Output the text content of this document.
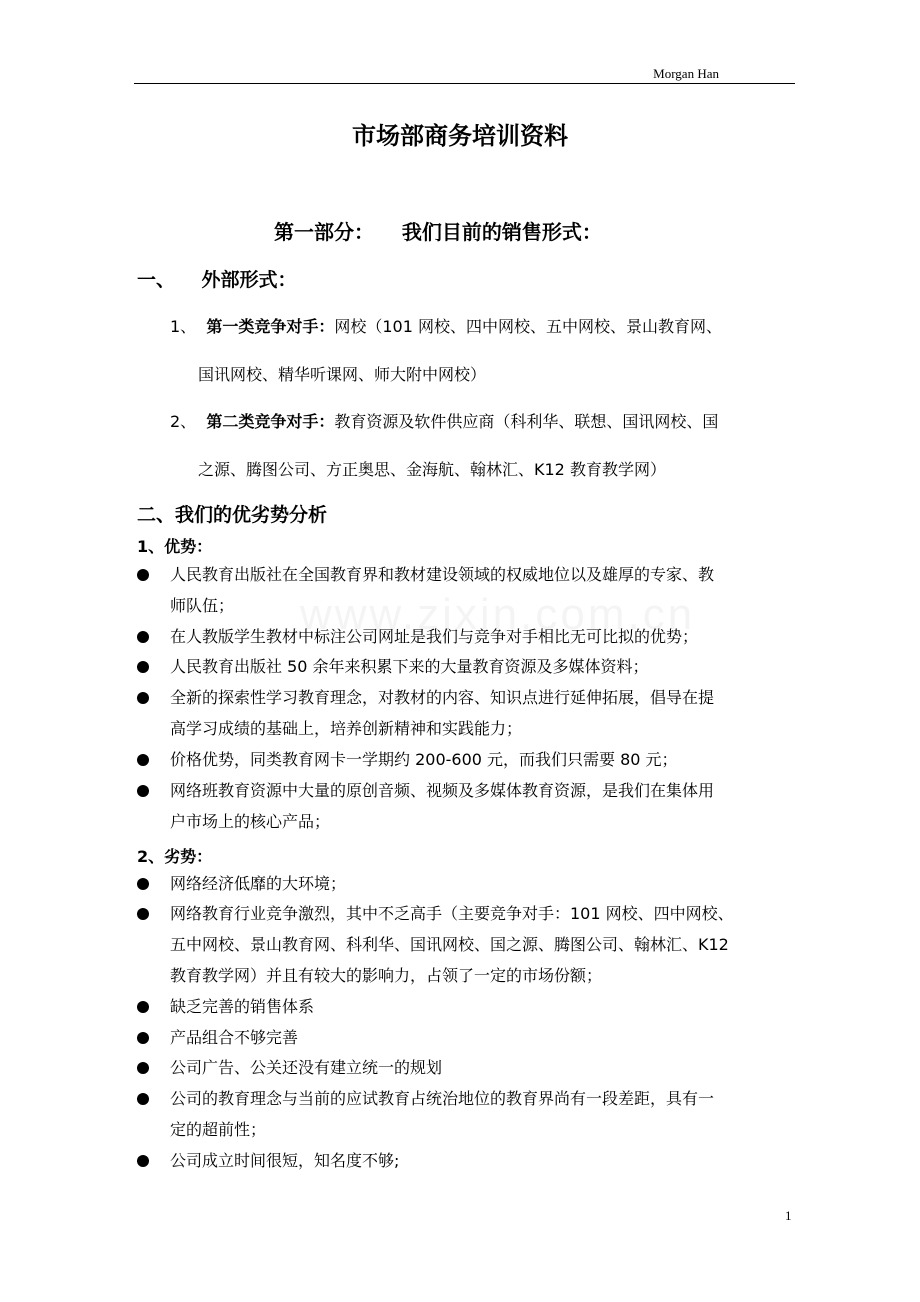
Morgan Han
市场部商务培训资料
第一部分： 我们目前的销售形式：
一、 外部形式：
1、 第一类竞争对手：网校（101 网校、四中网校、五中网校、景山教育网、
国讯网校、精华听课网、师大附中网校）
2、 第二类竞争对手：教育资源及软件供应商（科利华、联想、国讯网校、国
之源、腾图公司、方正奥思、金海航、翰林汇、K12 教育教学网）
二、我们的优劣势分析
1、优势：
人民教育出版社在全国教育界和教材建设领域的权威地位以及雄厚的专家、教
师队伍；
在人教版学生教材中标注公司网址是我们与竞争对手相比无可比拟的优势；
人民教育出版社 50 余年来积累下来的大量教育资源及多媒体资料；
全新的探索性学习教育理念，对教材的内容、知识点进行延伸拓展，倡导在提
高学习成绩的基础上，培养创新精神和实践能力；
价格优势，同类教育网卡一学期约 200-600 元，而我们只需要 80 元；
网络班教育资源中大量的原创音频、视频及多媒体教育资源，是我们在集体用
户市场上的核心产品；
2、劣势：
网络经济低靡的大环境；
网络教育行业竞争激烈，其中不乏高手（主要竞争对手：101 网校、四中网校、
五中网校、景山教育网、科利华、国讯网校、国之源、腾图公司、翰林汇、K12
教育教学网）并且有较大的影响力，占领了一定的市场份额；
缺乏完善的销售体系
产品组合不够完善
公司广告、公关还没有建立统一的规划
公司的教育理念与当前的应试教育占统治地位的教育界尚有一段差距，具有一
定的超前性；
公司成立时间很短，知名度不够;
1
